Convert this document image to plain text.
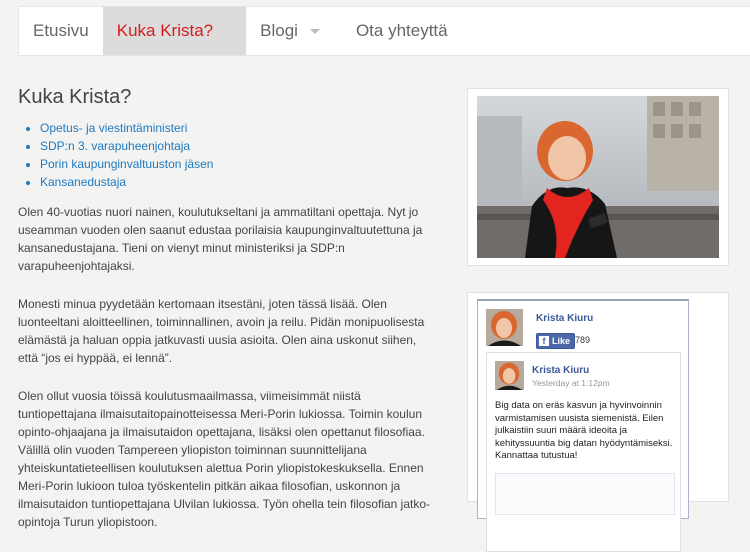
Etusivu Kuka Krista?	Blogi	Ota yhteyttä
Kuka Krista?
• Opetus- ja viestintäministeri
• SDP:n 3. varapuheenjohtaja
• Porin kaupunginvaltuuston jäsen
• Kansanedustaja

Olen 40-vuotias nuori nainen, koulutukseltani ja ammatiltani opettaja. Nyt jo useamman vuoden olen saanut edustaa porilaisia kaupunginvaltuutettuna ja kansanedustajana. Tieni on vienyt minut ministeriksi ja SDP:n varapuheenjohtajaksi.

Monesti minua pyydetään kertomaan itsestäni, joten tässä lisää. Olen luonteeltani aloitteellinen, toiminnallinen, avoin ja reilu. Pidän monipuolisesta elämästä ja haluan oppia jatkuvasti uusia asioita. Olen aina uskonut siihen, että “jos ei hyppää, ei lennä”.

Olen ollut vuosia töissä koulutusmaailmassa, viimeisimmät niistä tuntiopettajana ilmaisutaitopainotteisessa Meri-Porin lukiossa. Toimin koulun opinto-ohjaajana ja ilmaisutaidon opettajana, lisäksi olen opettanut filosofiaa. Välillä olin vuoden Tampereen yliopiston toiminnan suunnittelijana yhteiskuntatieteellisen koulutuksen alettua Porin yliopistokeskuksella. Ennen Meri-Porin lukioon tuloa työskentelin pitkän aikaa filosofian, uskonnon ja ilmaisutaidon tuntiopettajana Ulvilan lukiossa. Työn ohella tein filosofian jatko-opintoja Turun yliopistoon.

Krista Kiuru
f Like 789
Krista Kiuru
Yesterday at 1:12pm
Big data on eräs kasvun ja hyvinvoinnin varmistamisen uusista siemenistä. Eilen julkaistiin suuri määrä ideoita ja kehityssuuntia big datan hyödyntämiseksi. Kannattaa tutustua!
